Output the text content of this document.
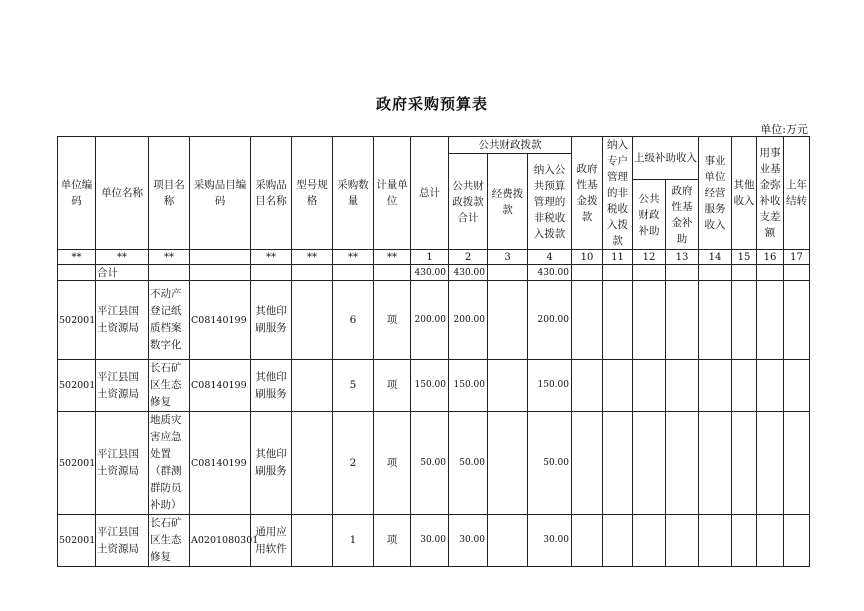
政府采购预算表
单位:万元
单位编码	单位名称	项目名称	采购品目编码	采购品目名称	型号规格	采购数量	计量单位	总计	公共财政拨款			政府性基金拨款	纳入专户管理的非税收入拨款	上级补助收入		事业单位经营服务收入	其他收入	用事业基金弥补收支差额	上年结转
									公共财政拨款合计	经费拨款	纳入公共预算管理的非税收入拨款								
														公共财政补助	政府性基金补助				
**	**	**		**	**	**	**	1	2	3	4	10	11	12	13	14	15	16	17
	合计							430.00	430.00		430.00								
502001	平江县国土资源局	不动产登记纸质档案数字化	C08140199	其他印刷服务		6	项	200.00	200.00		200.00								
502001	平江县国土资源局	长石矿区生态修复	C08140199	其他印刷服务		5	项	150.00	150.00		150.00								
502001	平江县国土资源局	地质灾害应急处置（群测群防员补助）	C08140199	其他印刷服务		2	项	50.00	50.00		50.00								
502001	平江县国土资源局	长石矿区生态修复	A0201080301	通用应用软件		1	项	30.00	30.00		30.00								
